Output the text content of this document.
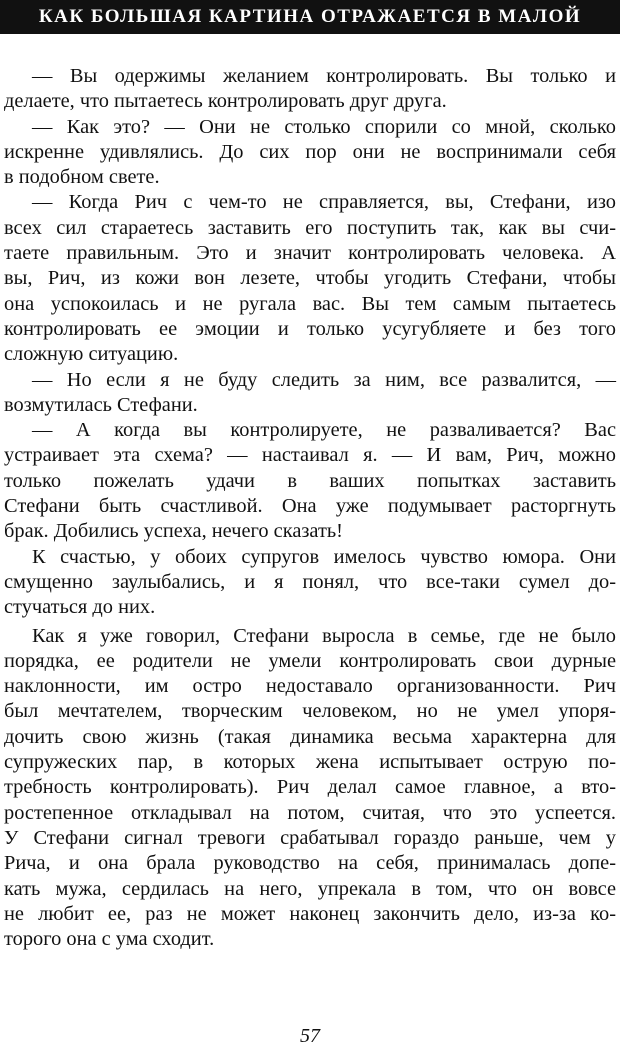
КАК БОЛЬШАЯ КАРТИНА ОТРАЖАЕТСЯ В МАЛОЙ
— Вы одержимы желанием контролировать. Вы только и
делаете, что пытаетесь контролировать друг друга.
— Как это? — Они не столько спорили со мной, сколько
искренне удивлялись. До сих пор они не воспринимали себя
в подобном свете.
— Когда Рич с чем-то не справляется, вы, Стефани, изо
всех сил стараетесь заставить его поступить так, как вы счи-
таете правильным. Это и значит контролировать человека. А
вы, Рич, из кожи вон лезете, чтобы угодить Стефани, чтобы
она успокоилась и не ругала вас. Вы тем самым пытаетесь
контролировать ее эмоции и только усугубляете и без того
сложную ситуацию.
— Но если я не буду следить за ним, все развалится, —
возмутилась Стефани.
— А когда вы контролируете, не разваливается? Вас
устраивает эта схема? — настаивал я. — И вам, Рич, можно
только пожелать удачи в ваших попытках заставить
Стефани быть счастливой. Она уже подумывает расторгнуть
брак. Добились успеха, нечего сказать!
К счастью, у обоих супругов имелось чувство юмора. Они
смущенно заулыбались, и я понял, что все-таки сумел до-
стучаться до них.
Как я уже говорил, Стефани выросла в семье, где не было
порядка, ее родители не умели контролировать свои дурные
наклонности, им остро недоставало организованности. Рич
был мечтателем, творческим человеком, но не умел упоря-
дочить свою жизнь (такая динамика весьма характерна для
супружеских пар, в которых жена испытывает острую по-
требность контролировать). Рич делал самое главное, а вто-
ростепенное откладывал на потом, считая, что это успеется.
У Стефани сигнал тревоги срабатывал гораздо раньше, чем у
Рича, и она брала руководство на себя, принималась допе-
кать мужа, сердилась на него, упрекала в том, что он вовсе
не любит ее, раз не может наконец закончить дело, из-за ко-
торого она с ума сходит.
57
